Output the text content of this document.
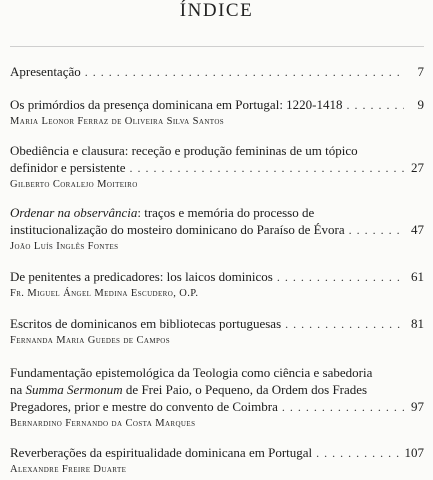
ÍNDICE
Apresentação . . .	7
Os primórdios da presença dominicana em Portugal: 1220-1418 . . .	9
Maria Leonor Ferraz de Oliveira Silva Santos
Obediência e clausura: receção e produção femininas de um tópico
definidor e persistente . . .	27
Gilberto Coralejo Moiteiro
Ordenar na observância: traços e memória do processo de
institucionalização do mosteiro dominicano do Paraíso de Évora . . .	47
João Luís Inglês Fontes
De penitentes a predicadores: los laicos dominicos . . .	61
Fr. Miguel Ángel Medina Escudero, O.P.
Escritos de dominicanos em bibliotecas portuguesas . . .	81
Fernanda Maria Guedes de Campos
Fundamentação epistemológica da Teologia como ciência e sabedoria
na Summa Sermonum de Frei Paio, o Pequeno, da Ordem dos Frades
Pregadores, prior e mestre do convento de Coimbra . . .	97
Bernardino Fernando da Costa Marques
Reverberações da espiritualidade dominicana em Portugal . . .	107
Alexandre Freire Duarte
